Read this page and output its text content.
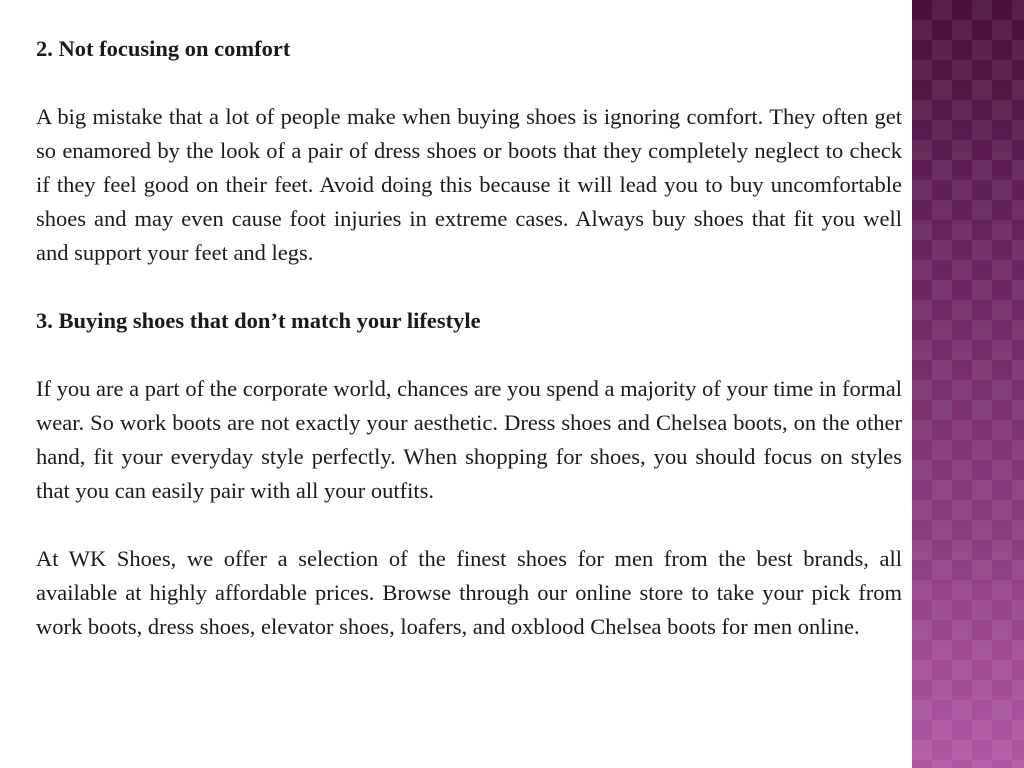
2. Not focusing on comfort
A big mistake that a lot of people make when buying shoes is ignoring comfort. They often get so enamored by the look of a pair of dress shoes or boots that they completely neglect to check if they feel good on their feet. Avoid doing this because it will lead you to buy uncomfortable shoes and may even cause foot injuries in extreme cases. Always buy shoes that fit you well and support your feet and legs.
3. Buying shoes that don’t match your lifestyle
If you are a part of the corporate world, chances are you spend a majority of your time in formal wear. So work boots are not exactly your aesthetic. Dress shoes and Chelsea boots, on the other hand, fit your everyday style perfectly. When shopping for shoes, you should focus on styles that you can easily pair with all your outfits.
At WK Shoes, we offer a selection of the finest shoes for men from the best brands, all available at highly affordable prices. Browse through our online store to take your pick from work boots, dress shoes, elevator shoes, loafers, and oxblood Chelsea boots for men online.
